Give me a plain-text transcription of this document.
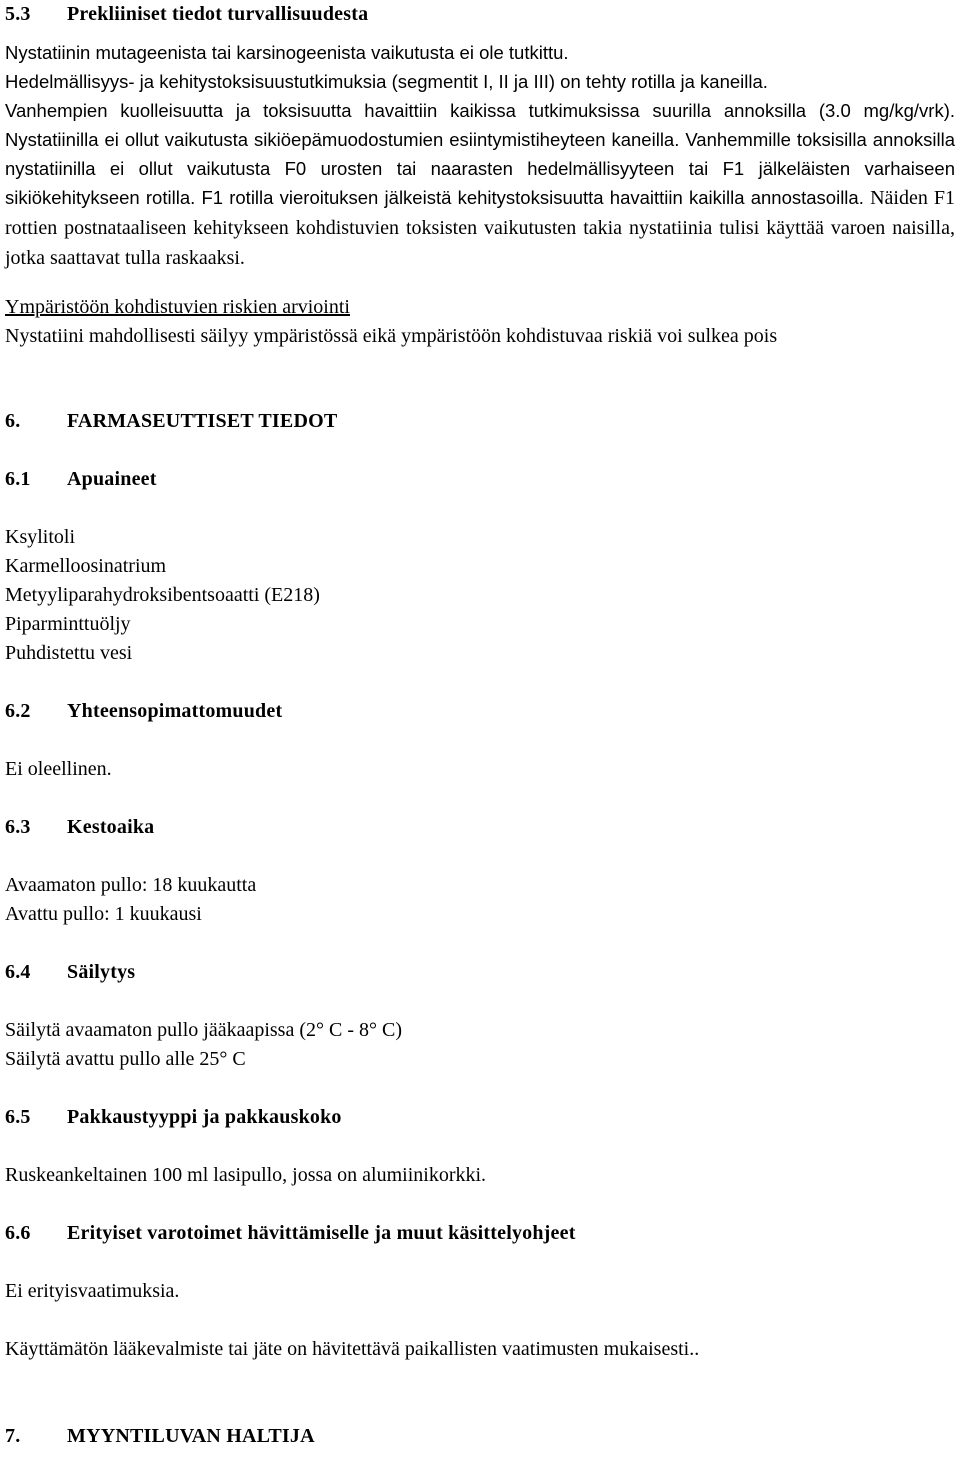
5.3	Prekliiniset tiedot turvallisuudesta
Nystatiinin mutageenista tai karsinogeenista vaikutusta ei ole tutkittu.
Hedelmällisyys- ja kehitystoksisuustutkimuksia (segmentit I, II ja III) on tehty rotilla ja kaneilla.
Vanhempien kuolleisuutta ja toksisuutta havaittiin kaikissa tutkimuksissa suurilla annoksilla (3.0 mg/kg/vrk). Nystatiinilla ei ollut vaikutusta sikiöepämuodostumien esiintymistiheyteen kaneilla. Vanhemmille toksisilla annoksilla nystatiinilla ei ollut vaikutusta F0 urosten tai naarasten hedelmällisyyteen tai F1 jälkeläisten varhaiseen sikiökehitykseen rotilla. F1 rotilla vieroituksen jälkeistä kehitystoksisuutta havaittiin kaikilla annostasoilla. Näiden F1 rottien postnataaliseen kehitykseen kohdistuvien toksisten vaikutusten takia nystatiinia tulisi käyttää varoen naisilla, jotka saattavat tulla raskaaksi.
Ympäristöön kohdistuvien riskien arviointi
Nystatiini mahdollisesti säilyy ympäristössä eikä ympäristöön kohdistuvaa riskiä voi sulkea pois
6.	FARMASEUTTISET TIEDOT
6.1	Apuaineet
Ksylitoli
Karmelloosinatrium
Metyyliparahydroksibentsoaatti (E218)
Piparminttuöljy
Puhdistettu vesi
6.2	Yhteensopimattomuudet
Ei oleellinen.
6.3	Kestoaika
Avaamaton pullo: 18 kuukautta
Avattu pullo: 1 kuukausi
6.4	Säilytys
Säilytä avaamaton pullo jääkaapissa (2° C - 8° C)
Säilytä avattu pullo alle 25° C
6.5	Pakkaustyyppi ja pakkauskoko
Ruskeankeltainen 100 ml lasipullo, jossa on alumiinikorkki.
6.6	Erityiset varotoimet hävittämiselle ja muut käsittelyohjeet
Ei erityisvaatimuksia.
Käyttämätön lääkevalmiste tai jäte on hävitettävä paikallisten vaatimusten mukaisesti..
7.	MYYNTILUVAN HALTIJA
